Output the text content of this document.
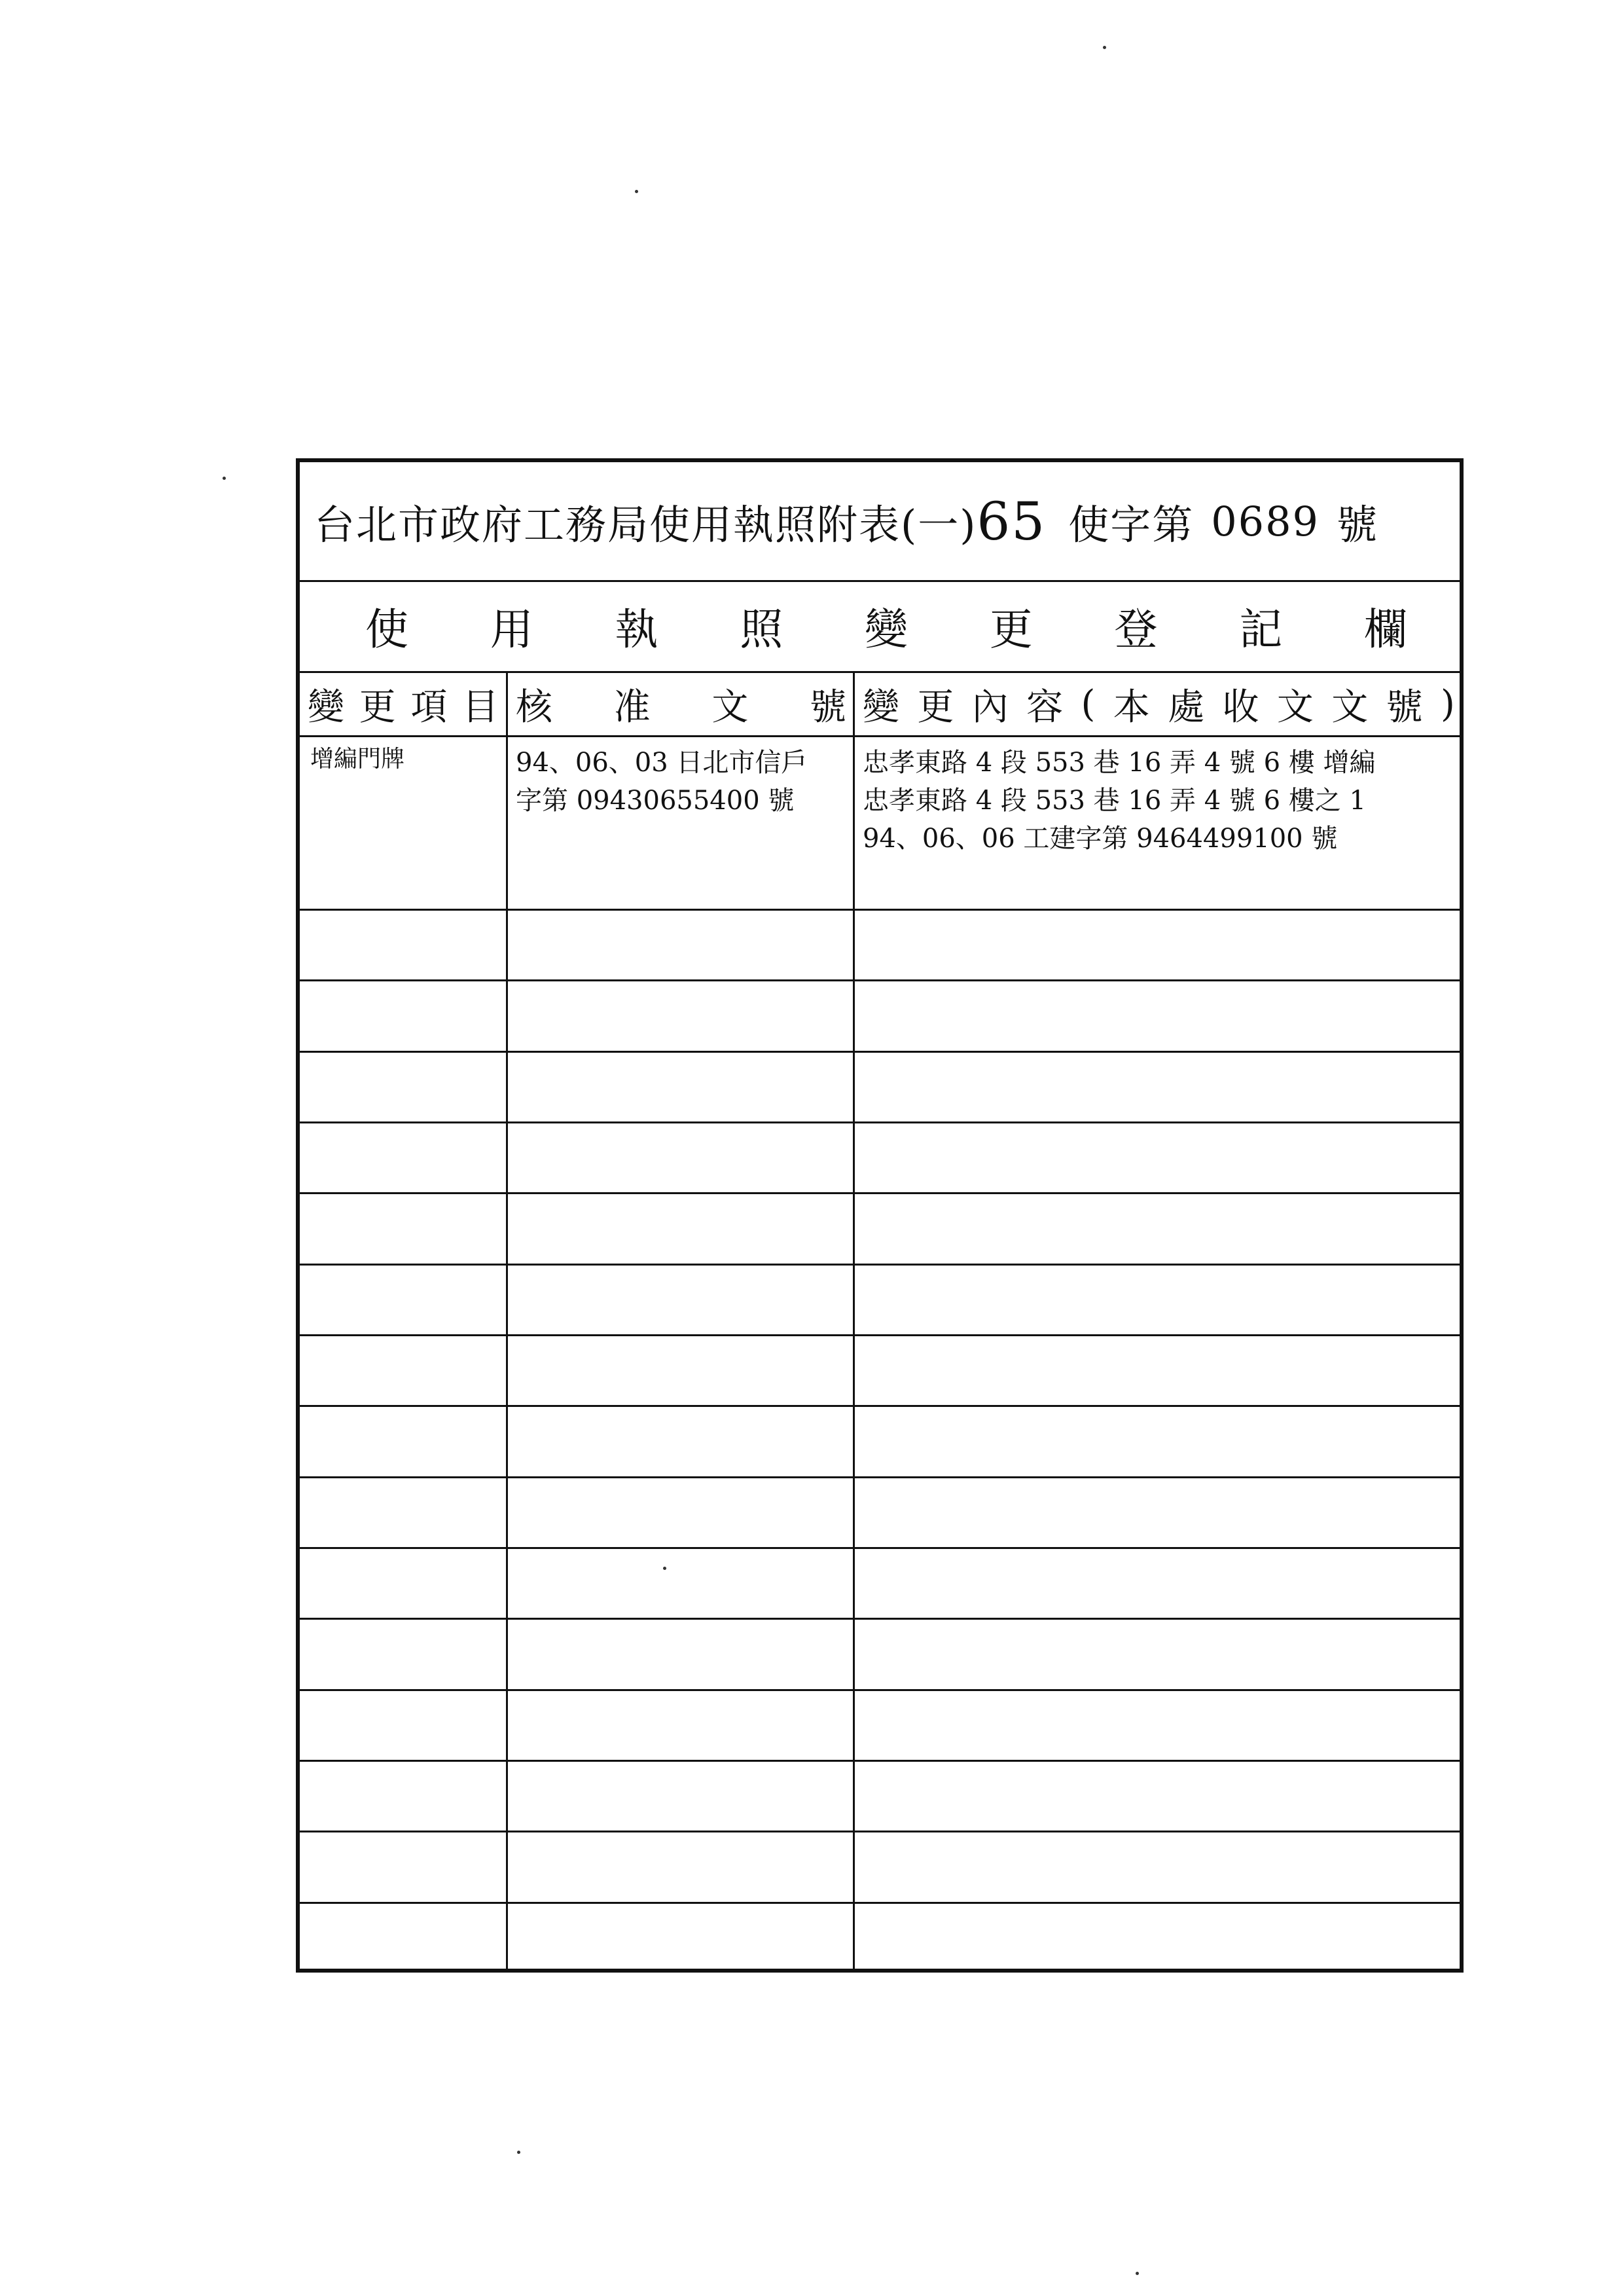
台北市政府工務局使用執照附表(一) 65 使字第 0689 號
使 用 執 照 變 更 登 記 欄
變 更 項 目 核 准 文 號 變 更 內 容 ( 本 處 收 文 文 號 )
增編門牌	94、06、03 日北市信戶
字第 09430655400 號
忠孝東路 4 段 553 巷 16 弄 4 號 6 樓 增編
忠孝東路 4 段 553 巷 16 弄 4 號 6 樓之 1
94、06、06 工建字第 9464499100 號
